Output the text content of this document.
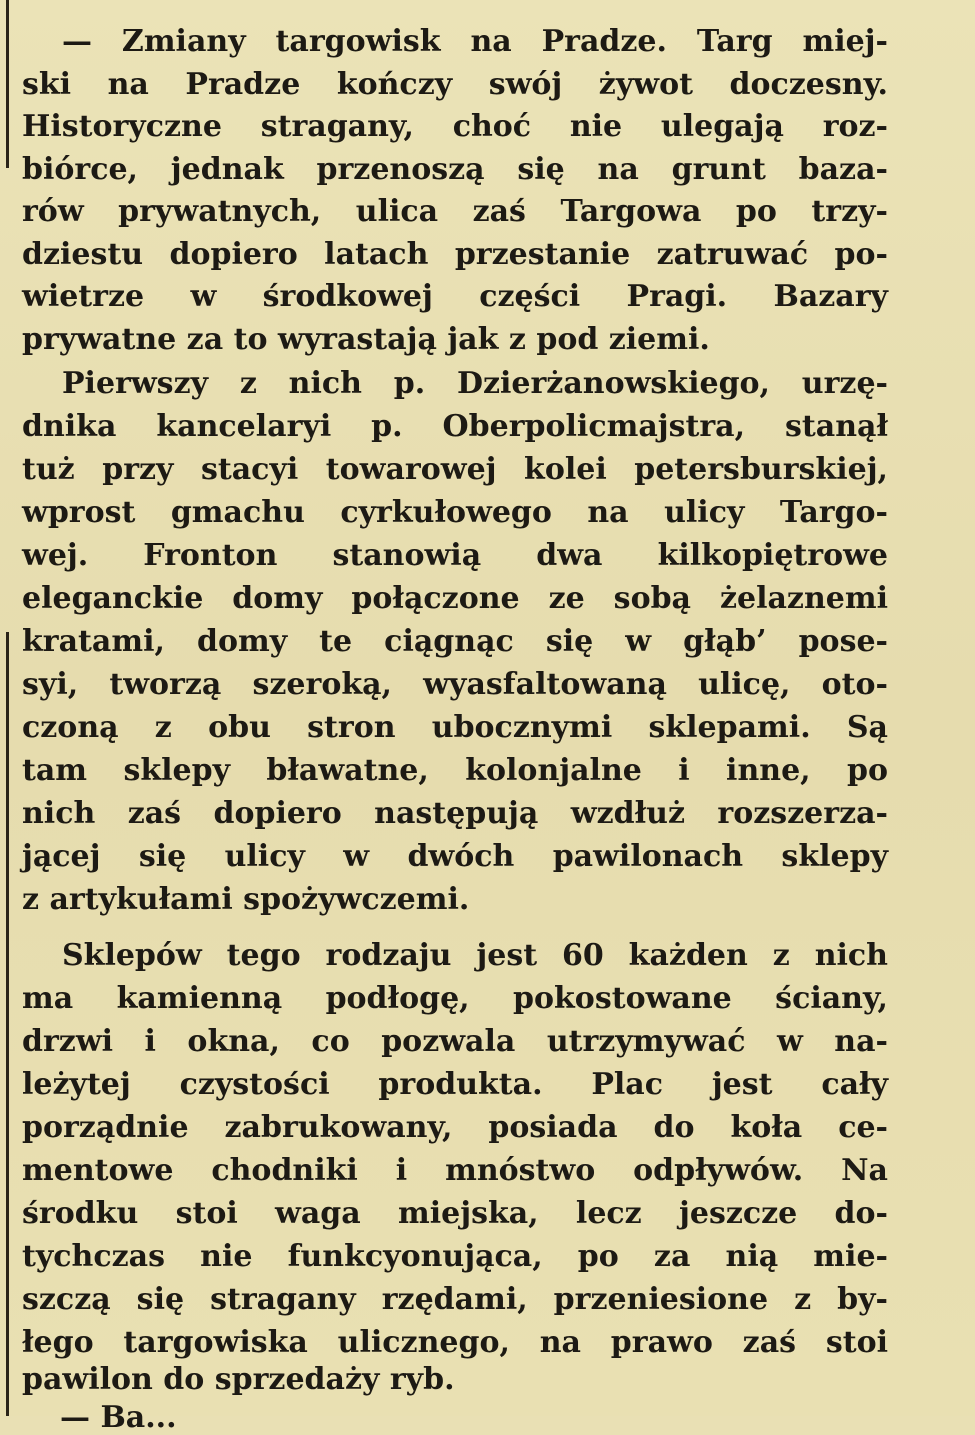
— Zmiany targowisk na Pradze. Targ miej-
ski na Pradze kończy swój żywot doczesny.
Historyczne stragany, choć nie ulegają roz-
biórce, jednak przenoszą się na grunt baza-
rów prywatnych, ulica zaś Targowa po trzy-
dziestu dopiero latach przestanie zatruwać po-
wietrze w środkowej części Pragi. Bazary
prywatne za to wyrastają jak z pod ziemi.
Pierwszy z nich p. Dzierżanowskiego, urzę-
dnika kancelaryi p. Oberpolicmajstra, stanął
tuż przy stacyi towarowej kolei petersburskiej,
wprost gmachu cyrkułowego na ulicy Targo-
wej. Fronton stanowią dwa kilkopiętrowe
eleganckie domy połączone ze sobą żelaznemi
kratami, domy te ciągnąc się w głąb’ pose-
syi, tworzą szeroką, wyasfaltowaną ulicę, oto-
czoną z obu stron ubocznymi sklepami. Są
tam sklepy bławatne, kolonjalne i inne, po
nich zaś dopiero następują wzdłuż rozszerza-
jącej się ulicy w dwóch pawilonach sklepy
z artykułami spożywczemi.
Sklepów tego rodzaju jest 60 każden z nich
ma kamienną podłogę, pokostowane ściany,
drzwi i okna, co pozwala utrzymywać w na-
leżytej czystości produkta. Plac jest cały
porządnie zabrukowany, posiada do koła ce-
mentowe chodniki i mnóstwo odpływów. Na
środku stoi waga miejska, lecz jeszcze do-
tychczas nie funkcyonująca, po za nią mie-
szczą się stragany rzędami, przeniesione z by-
łego targowiska ulicznego, na prawo zaś stoi
pawilon do sprzedaży ryb.
— Ba...
